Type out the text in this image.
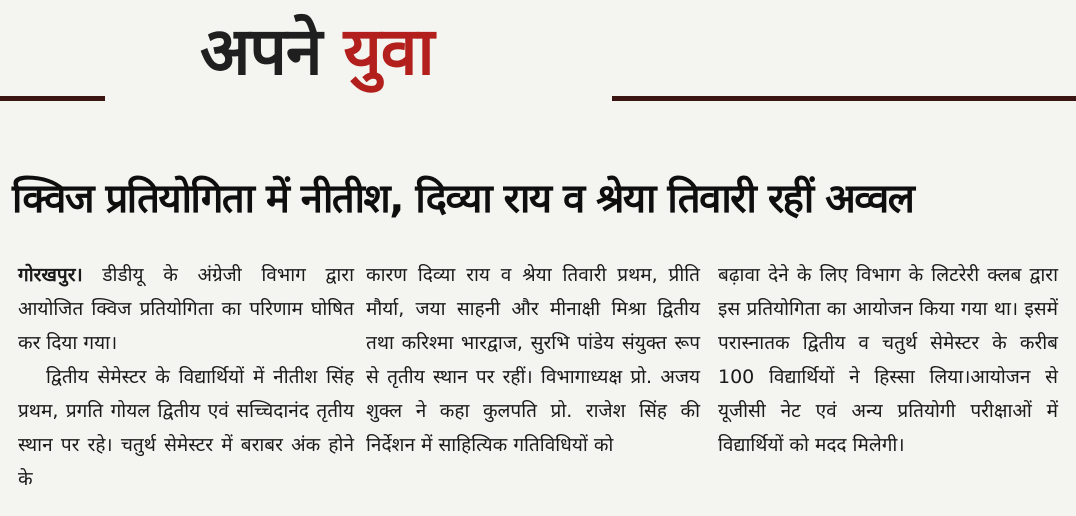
अपने युवा
क्विज प्रतियोगिता में नीतीश, दिव्या राय व श्रेया तिवारी रहीं अव्वल

गोरखपुर। डीडीयू के अंग्रेजी विभाग द्वारा आयोजित क्विज प्रतियोगिता का परिणाम घोषित कर दिया गया।

द्वितीय सेमेस्टर के विद्यार्थियों में नीतीश सिंह प्रथम, प्रगति गोयल द्वितीय एवं सच्चिदानंद तृतीय स्थान पर रहे। चतुर्थ सेमेस्टर में बराबर अंक होने के

कारण दिव्या राय व श्रेया तिवारी प्रथम, प्रीति मौर्या, जया साहनी और मीनाक्षी मिश्रा द्वितीय तथा करिश्मा भारद्वाज, सुरभि पांडेय संयुक्त रूप से तृतीय स्थान पर रहीं। विभागाध्यक्ष प्रो. अजय शुक्ल ने कहा कुलपति प्रो. राजेश सिंह की निर्देशन में साहित्यिक गतिविधियों को

बढ़ावा देने के लिए विभाग के लिटरेरी क्लब द्वारा इस प्रतियोगिता का आयोजन किया गया था। इसमें परास्नातक द्वितीय व चतुर्थ सेमेस्टर के करीब 100 विद्यार्थियों ने हिस्सा लिया।आयोजन से यूजीसी नेट एवं अन्य प्रतियोगी परीक्षाओं में विद्यार्थियों को मदद मिलेगी।
